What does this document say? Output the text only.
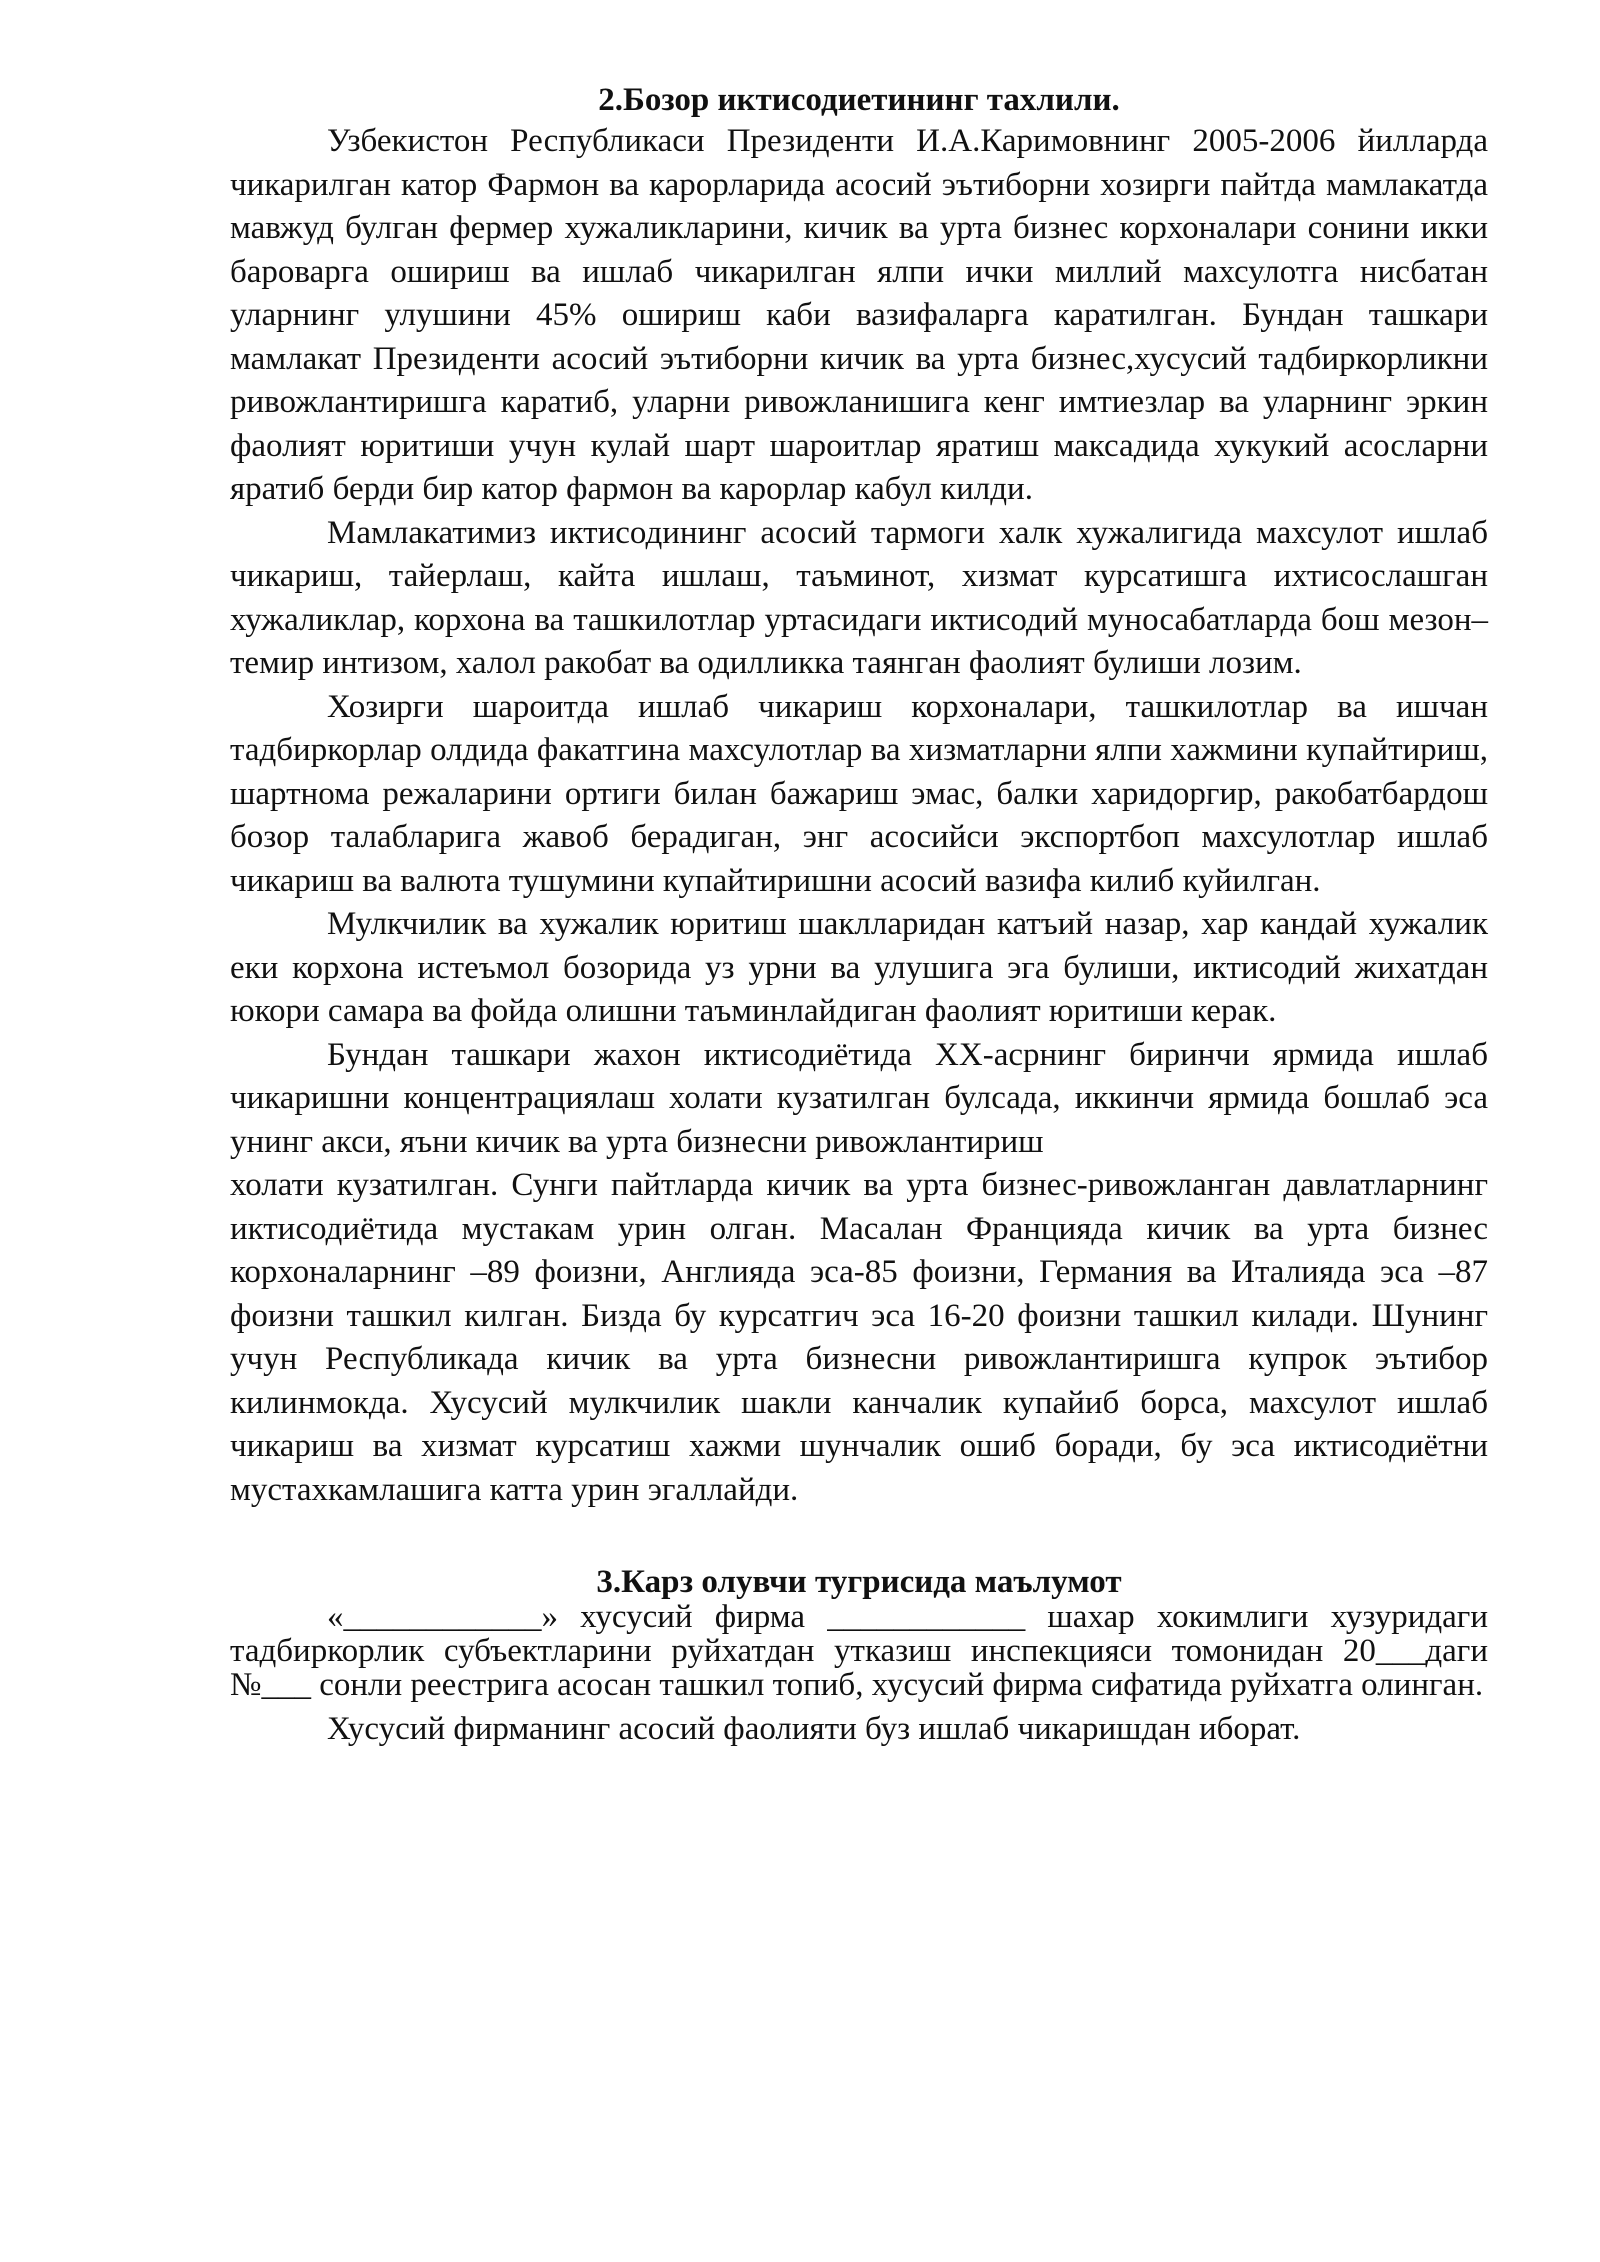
2.Бозор иктисодиетининг тахлили.

Узбекистон Республикаси Президенти И.А.Каримовнинг 2005-2006 йилларда чикарилган катор Фармон ва карорларида асосий эътиборни хозирги пайтда мамлакатда мавжуд булган фермер хужаликларини, кичик ва урта бизнес корхоналари сонини икки бароварга ошириш ва ишлаб чикарилган ялпи ички миллий махсулотга нисбатан уларнинг улушини 45% ошириш каби вазифаларга каратилган. Бундан ташкари мамлакат Президенти асосий эътиборни кичик ва урта бизнес,хусусий тадбиркорликни ривожлантиришга каратиб, уларни ривожланишига кенг имтиезлар ва уларнинг эркин фаолият юритиши учун кулай шарт шароитлар яратиш максадида хукукий асосларни яратиб берди бир катор фармон ва карорлар кабул килди.

Мамлакатимиз иктисодининг асосий тармоги халк хужалигида махсулот ишлаб чикариш, тайерлаш, кайта ишлаш, таъминот, хизмат курсатишга ихтисослашган хужаликлар, корхона ва ташкилотлар уртасидаги иктисодий муносабатларда бош мезон–темир интизом, халол ракобат ва одилликка таянган фаолият булиши лозим.

Хозирги шароитда ишлаб чикариш корхоналари, ташкилотлар ва ишчан тадбиркорлар олдида факатгина махсулотлар ва хизматларни ялпи хажмини купайтириш, шартнома режаларини ортиги билан бажариш эмас, балки харидоргир, ракобатбардош бозор талабларига жавоб берадиган, энг асосийси экспортбоп махсулотлар ишлаб чикариш ва валюта тушумини купайтиришни асосий вазифа килиб куйилган.

Мулкчилик ва хужалик юритиш шаклларидан катъий назар, хар кандай хужалик еки корхона истеъмол бозорида уз урни ва улушига эга булиши, иктисодий жихатдан юкори самара ва фойда олишни таъминлайдиган фаолият юритиши керак.

Бундан ташкари жахон иктисодиётида ХХ-асрнинг биринчи ярмида ишлаб чикаришни концентрациялаш холати кузатилган булсада, иккинчи ярмида бошлаб эса унинг акси, яъни кичик ва урта бизнесни ривожлантириш

холати кузатилган. Сунги пайтларда кичик ва урта бизнес-ривожланган давлатларнинг иктисодиётида мустакам урин олган. Масалан Францияда кичик ва урта бизнес корхоналарнинг –89 фоизни, Англияда эса-85 фоизни, Германия ва Италияда эса –87 фоизни ташкил килган. Бизда бу курсатгич эса 16-20 фоизни ташкил килади. Шунинг учун Республикада кичик ва урта бизнесни ривожлантиришга купрок эътибор килинмокда. Хусусий мулкчилик шакли канчалик купайиб борса, махсулот ишлаб чикариш ва хизмат курсатиш хажми шунчалик ошиб боради, бу эса иктисодиётни мустахкамлашига катта урин эгаллайди.

3.Карз олувчи тугрисида маълумот

«____________» хусусий фирма ____________ шахар хокимлиги хузуридаги тадбиркорлик субъектларини руйхатдан утказиш инспекцияси томонидан 20___даги №___ сонли реестрига асосан ташкил топиб, хусусий фирма сифатида руйхатга олинган.

Хусусий фирманинг асосий фаолияти буз ишлаб чикаришдан иборат.
